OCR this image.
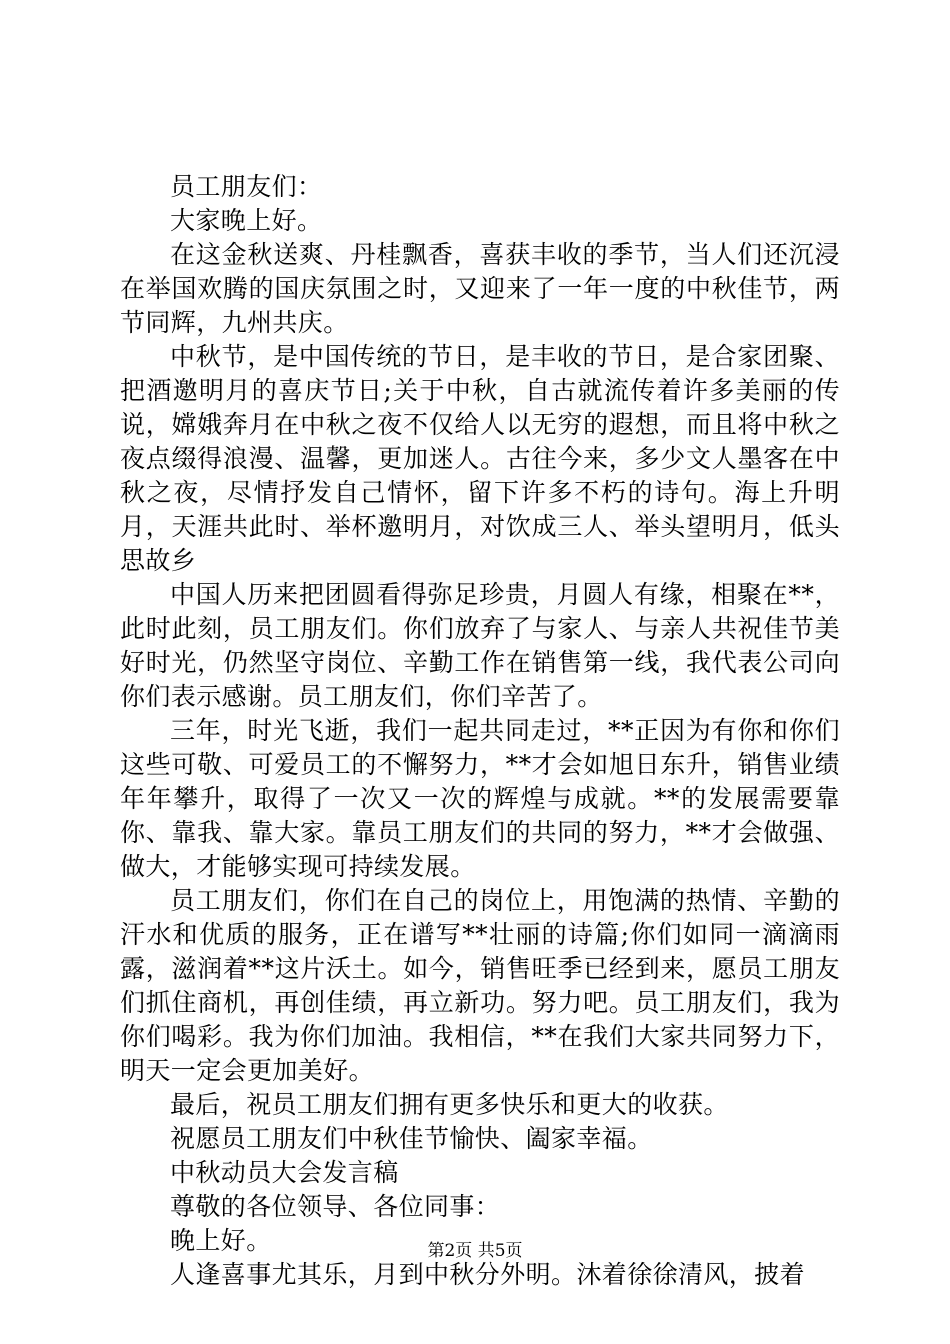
员工朋友们：

大家晚上好。

在这金秋送爽、丹桂飘香，喜获丰收的季节，当人们还沉浸在举国欢腾的国庆氛围之时，又迎来了一年一度的中秋佳节，两节同辉，九州共庆。

中秋节，是中国传统的节日，是丰收的节日，是合家团聚、把酒邀明月的喜庆节日;关于中秋，自古就流传着许多美丽的传说，嫦娥奔月在中秋之夜不仅给人以无穷的遐想，而且将中秋之夜点缀得浪漫、温馨，更加迷人。古往今来，多少文人墨客在中秋之夜，尽情抒发自己情怀，留下许多不朽的诗句。海上升明月，天涯共此时、举杯邀明月，对饮成三人、举头望明月，低头思故乡

中国人历来把团圆看得弥足珍贵，月圆人有缘，相聚在**，此时此刻，员工朋友们。你们放弃了与家人、与亲人共祝佳节美好时光，仍然坚守岗位、辛勤工作在销售第一线，我代表公司向你们表示感谢。员工朋友们，你们辛苦了。

三年，时光飞逝，我们一起共同走过，**正因为有你和你们这些可敬、可爱员工的不懈努力，**才会如旭日东升，销售业绩年年攀升，取得了一次又一次的辉煌与成就。**的发展需要靠你、靠我、靠大家。靠员工朋友们的共同的努力，**才会做强、做大，才能够实现可持续发展。

员工朋友们，你们在自己的岗位上，用饱满的热情、辛勤的汗水和优质的服务，正在谱写**壮丽的诗篇;你们如同一滴滴雨露，滋润着**这片沃土。如今，销售旺季已经到来，愿员工朋友们抓住商机，再创佳绩，再立新功。努力吧。员工朋友们，我为你们喝彩。我为你们加油。我相信，**在我们大家共同努力下，明天一定会更加美好。

最后，祝员工朋友们拥有更多快乐和更大的收获。

祝愿员工朋友们中秋佳节愉快、阖家幸福。

中秋动员大会发言稿

尊敬的各位领导、各位同事：

晚上好。

人逢喜事尤其乐，月到中秋分外明。沐着徐徐清风，披着

第2页 共5页
